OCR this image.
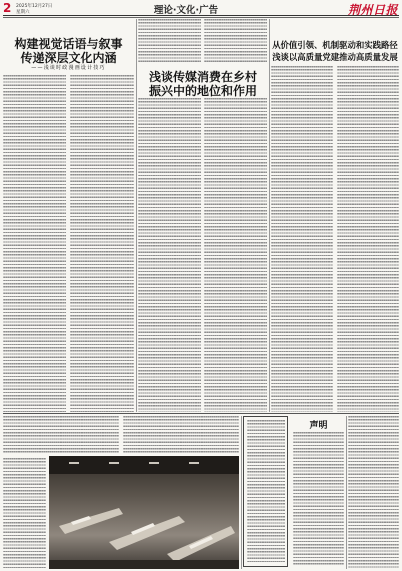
2 2025年12月27日
星期六	理论·文化·广告	荆州日报
构建视觉话语与叙事
传递深层文化内涵
——浅谈时政漫画设计技巧
浅谈传媒消费在乡村
振兴中的地位和作用
从价值引领、机制驱动和实践路径
浅谈以高质量党建推动高质量发展
声明
